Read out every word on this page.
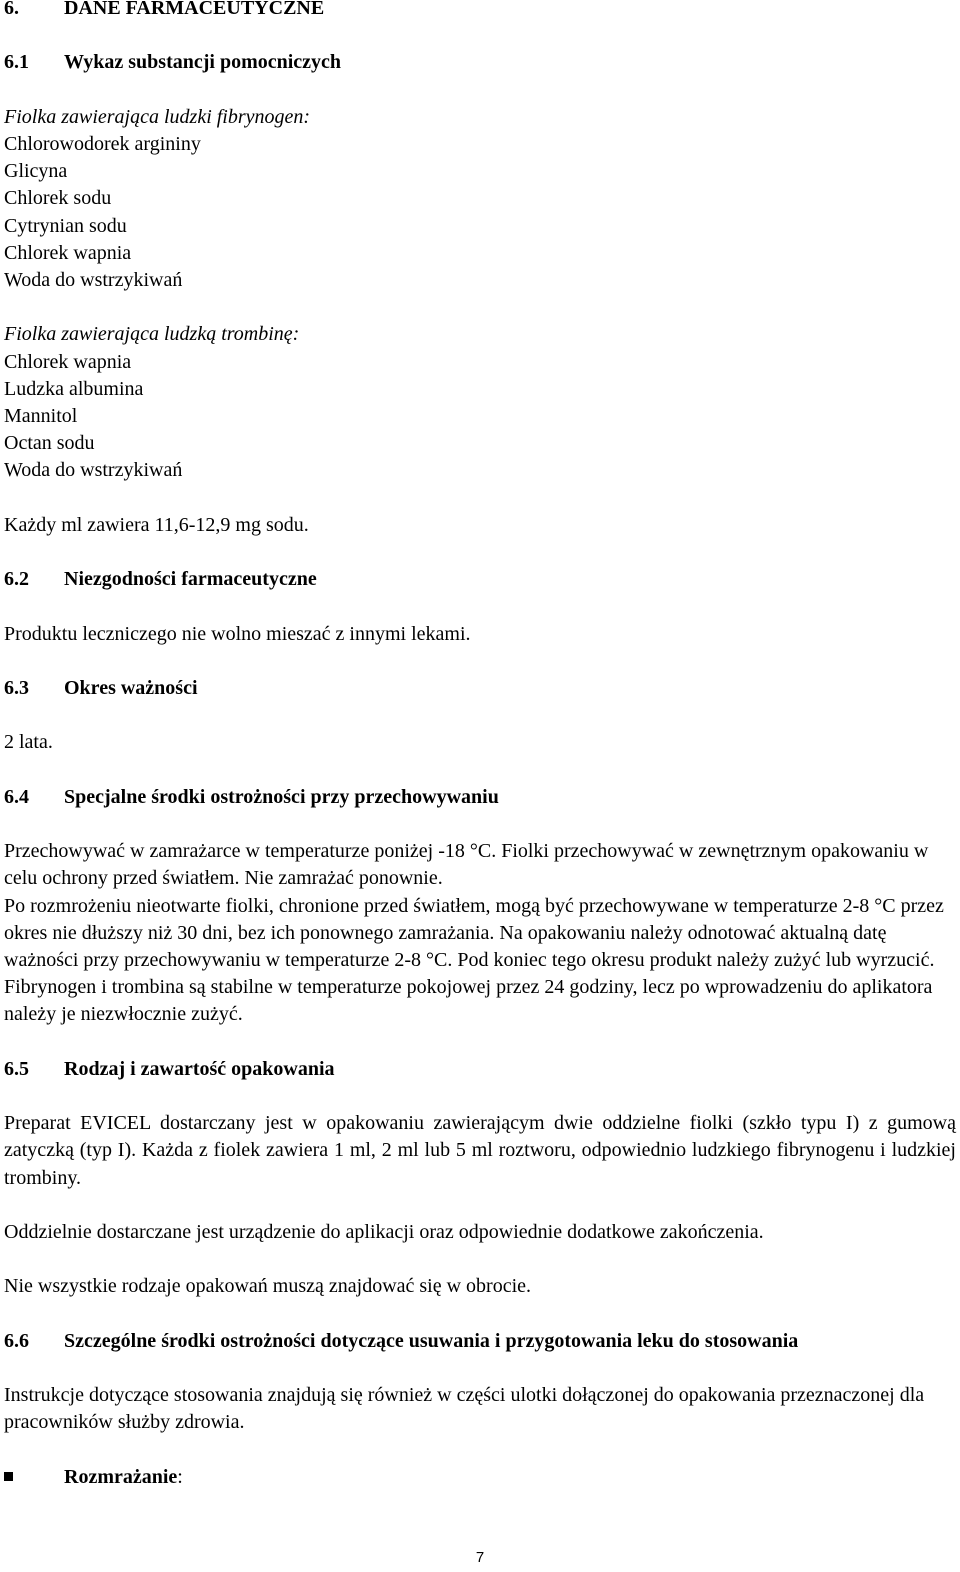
6.	DANE FARMACEUTYCZNE
6.1	Wykaz substancji pomocniczych
Fiolka zawierająca ludzki fibrynogen:
Chlorowodorek argininy
Glicyna
Chlorek sodu
Cytrynian sodu
Chlorek wapnia
Woda do wstrzykiwań
Fiolka zawierająca ludzką trombinę:
Chlorek wapnia
Ludzka albumina
Mannitol
Octan sodu
Woda do wstrzykiwań
Każdy ml zawiera 11,6-12,9 mg sodu.
6.2	Niezgodności farmaceutyczne
Produktu leczniczego nie wolno mieszać z innymi lekami.
6.3	Okres ważności
2 lata.
6.4	Specjalne środki ostrożności przy przechowywaniu
Przechowywać w zamrażarce w temperaturze poniżej -18 °C. Fiolki przechowywać w zewnętrznym opakowaniu w celu ochrony przed światłem. Nie zamrażać ponownie.
Po rozmrożeniu nieotwarte fiolki, chronione przed światłem, mogą być przechowywane w temperaturze 2-8 °C przez okres nie dłuższy niż 30 dni, bez ich ponownego zamrażania. Na opakowaniu należy odnotować aktualną datę ważności przy przechowywaniu w temperaturze 2-8 °C. Pod koniec tego okresu produkt należy zużyć lub wyrzucić.
Fibrynogen i trombina są stabilne w temperaturze pokojowej przez 24 godziny, lecz po wprowadzeniu do aplikatora należy je niezwłocznie zużyć.
6.5	Rodzaj i zawartość opakowania
Preparat EVICEL dostarczany jest w opakowaniu zawierającym dwie oddzielne fiolki (szkło typu I) z gumową zatyczką (typ I). Każda z fiolek zawiera 1 ml, 2 ml lub 5 ml roztworu, odpowiednio ludzkiego fibrynogenu i ludzkiej trombiny.
Oddzielnie dostarczane jest urządzenie do aplikacji oraz odpowiednie dodatkowe zakończenia.
Nie wszystkie rodzaje opakowań muszą znajdować się w obrocie.
6.6	Szczególne środki ostrożności dotyczące usuwania i przygotowania leku do stosowania
Instrukcje dotyczące stosowania znajdują się również w części ulotki dołączonej do opakowania przeznaczonej dla pracowników służby zdrowia.
Rozmrażanie :
7
